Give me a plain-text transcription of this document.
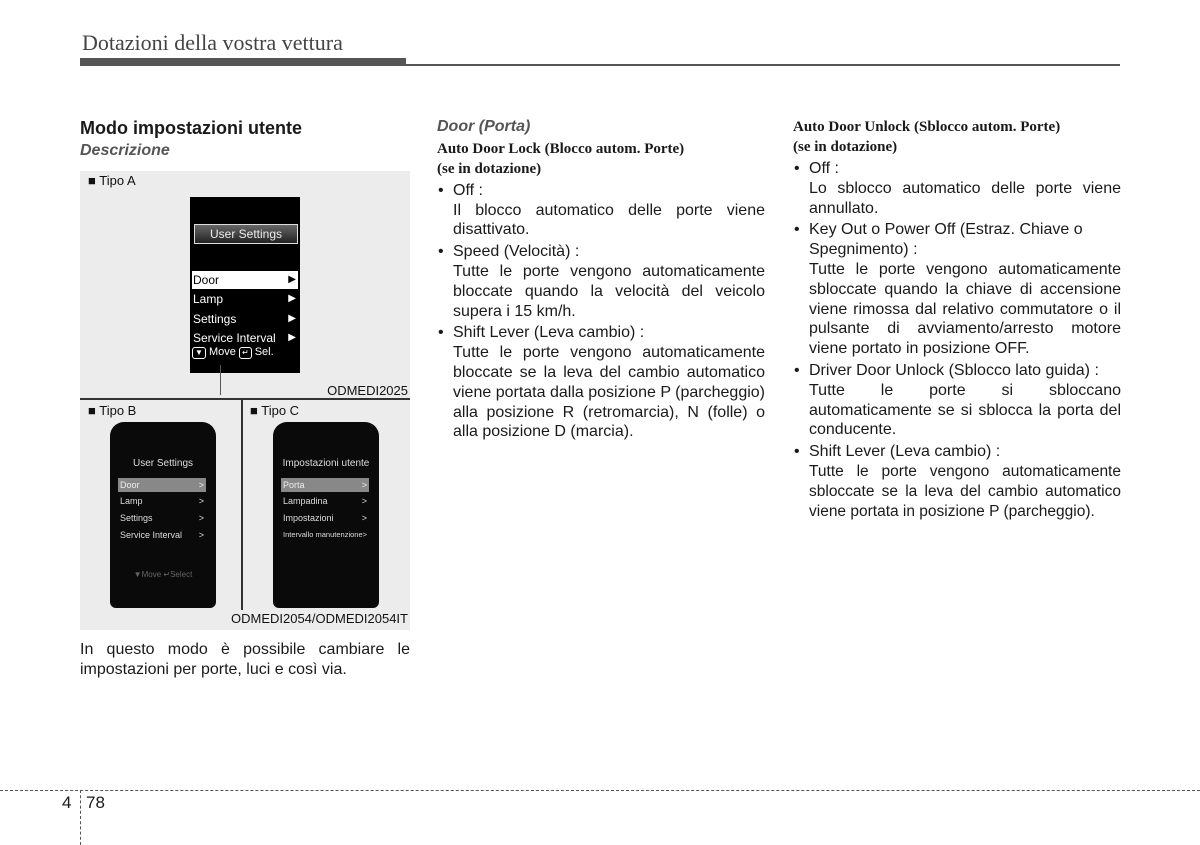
Dotazioni della vostra vettura
Modo impostazioni utente
Descrizione
■ Tipo A
User Settings
Door	▶
Lamp	▶
Settings	▶
Service Interval ▶
▼ Move ↵ Sel.
ODMEDI2025
■ Tipo B
User Settings
Door	>
Lamp	>
Settings	>
Service Interval >
▼Move ↵Select
■ Tipo C
Impostazioni utente
Porta	>
Lampadina	>
Impostazioni	>
Intervallo manutenzione >
ODMEDI2054/ODMEDI2054IT
In questo modo è possibile cambiare le impostazioni per porte, luci e così via.
Door (Porta)
Auto Door Lock (Blocco autom. Porte)
(se in dotazione)
• Off :
Il blocco automatico delle porte viene disattivato.
• Speed (Velocità) :
Tutte le porte vengono automaticamente bloccate quando la velocità del veicolo supera i 15 km/h.
• Shift Lever (Leva cambio) :
Tutte le porte vengono automaticamente bloccate se la leva del cambio automatico viene portata dalla posizione P (parcheggio) alla posizione R (retromarcia), N (folle) o alla posizione D (marcia).
Auto Door Unlock (Sblocco autom. Porte)
(se in dotazione)
• Off :
Lo sblocco automatico delle porte viene annullato.
• Key Out o Power Off (Estraz. Chiave o Spegnimento) :
Tutte le porte vengono automaticamente sbloccate quando la chiave di accensione viene rimossa dal relativo commutatore o il pulsante di avviamento/arresto motore viene portato in posizione OFF.
• Driver Door Unlock (Sblocco lato guida) :
Tutte le porte si sbloccano automaticamente se si sblocca la porta del conducente.
• Shift Lever (Leva cambio) :
Tutte le porte vengono automaticamente sbloccate se la leva del cambio automatico viene portata in posizione P (parcheggio).
4 78
